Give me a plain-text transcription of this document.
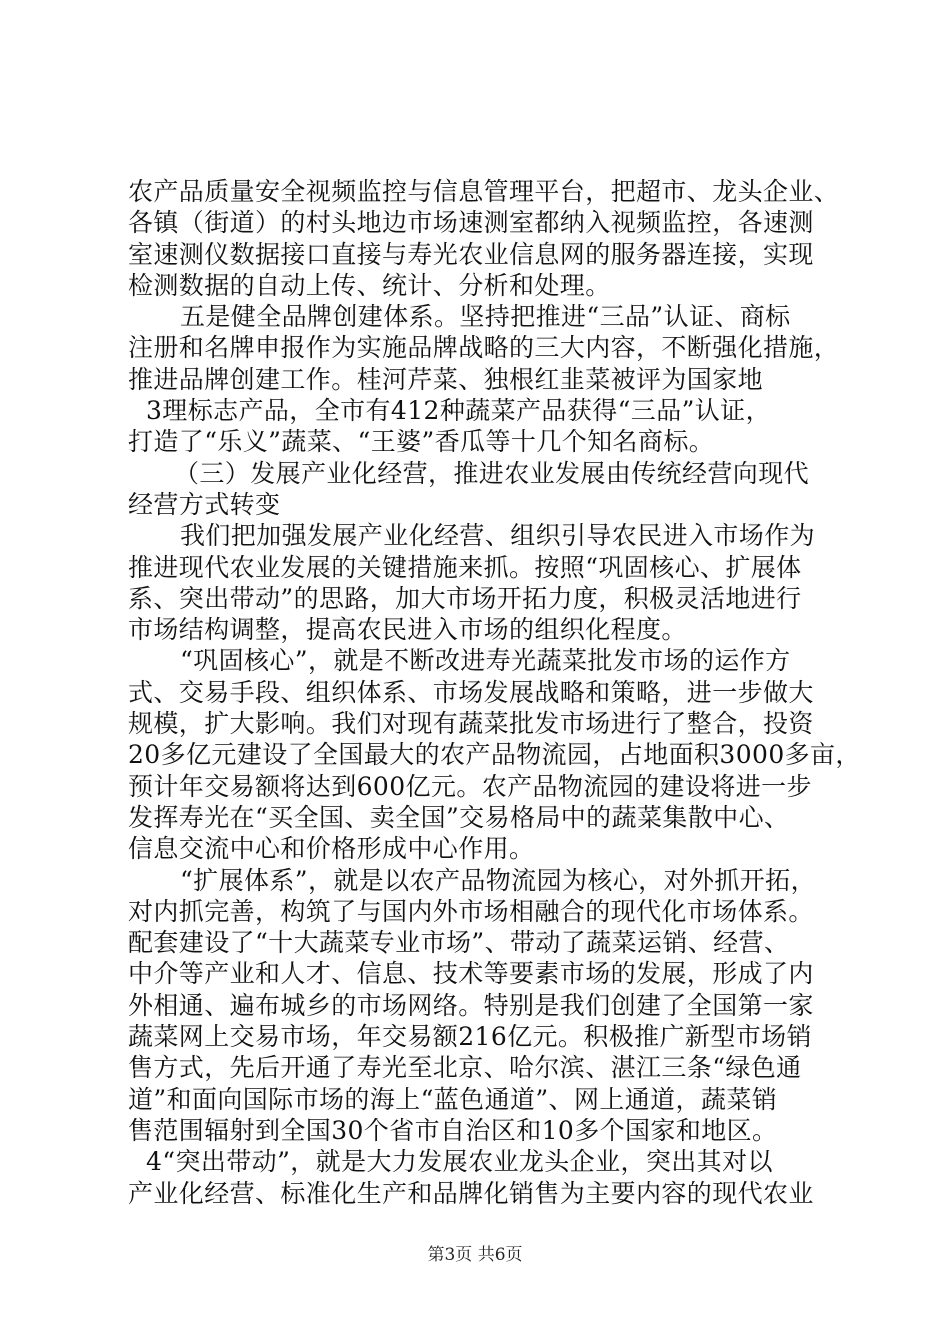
农产品质量安全视频监控与信息管理平台，把超市、龙头企业、
各镇（街道）的村头地边市场速测室都纳入视频监控，各速测
室速测仪数据接口直接与寿光农业信息网的服务器连接，实现
检测数据的自动上传、统计、分析和处理。
五是健全品牌创建体系。坚持把推进“三品”认证、商标
注册和名牌申报作为实施品牌战略的三大内容，不断强化措施，
推进品牌创建工作。桂河芹菜、独根红韭菜被评为国家地
3理标志产品，全市有412种蔬菜产品获得“三品”认证，
打造了“乐义”蔬菜、“王婆”香瓜等十几个知名商标。
（三）发展产业化经营，推进农业发展由传统经营向现代
经营方式转变
我们把加强发展产业化经营、组织引导农民进入市场作为
推进现代农业发展的关键措施来抓。按照“巩固核心、扩展体
系、突出带动”的思路，加大市场开拓力度，积极灵活地进行
市场结构调整，提高农民进入市场的组织化程度。
“巩固核心”，就是不断改进寿光蔬菜批发市场的运作方
式、交易手段、组织体系、市场发展战略和策略，进一步做大
规模，扩大影响。我们对现有蔬菜批发市场进行了整合，投资
20多亿元建设了全国最大的农产品物流园，占地面积3000多亩，
预计年交易额将达到600亿元。农产品物流园的建设将进一步
发挥寿光在“买全国、卖全国”交易格局中的蔬菜集散中心、
信息交流中心和价格形成中心作用。
“扩展体系”，就是以农产品物流园为核心，对外抓开拓，
对内抓完善，构筑了与国内外市场相融合的现代化市场体系。
配套建设了“十大蔬菜专业市场”、带动了蔬菜运销、经营、
中介等产业和人才、信息、技术等要素市场的发展，形成了内
外相通、遍布城乡的市场网络。特别是我们创建了全国第一家
蔬菜网上交易市场，年交易额216亿元。积极推广新型市场销
售方式，先后开通了寿光至北京、哈尔滨、湛江三条“绿色通
道”和面向国际市场的海上“蓝色通道”、网上通道，蔬菜销
售范围辐射到全国30个省市自治区和10多个国家和地区。
4“突出带动”，就是大力发展农业龙头企业，突出其对以
产业化经营、标准化生产和品牌化销售为主要内容的现代农业
第3页 共6页
